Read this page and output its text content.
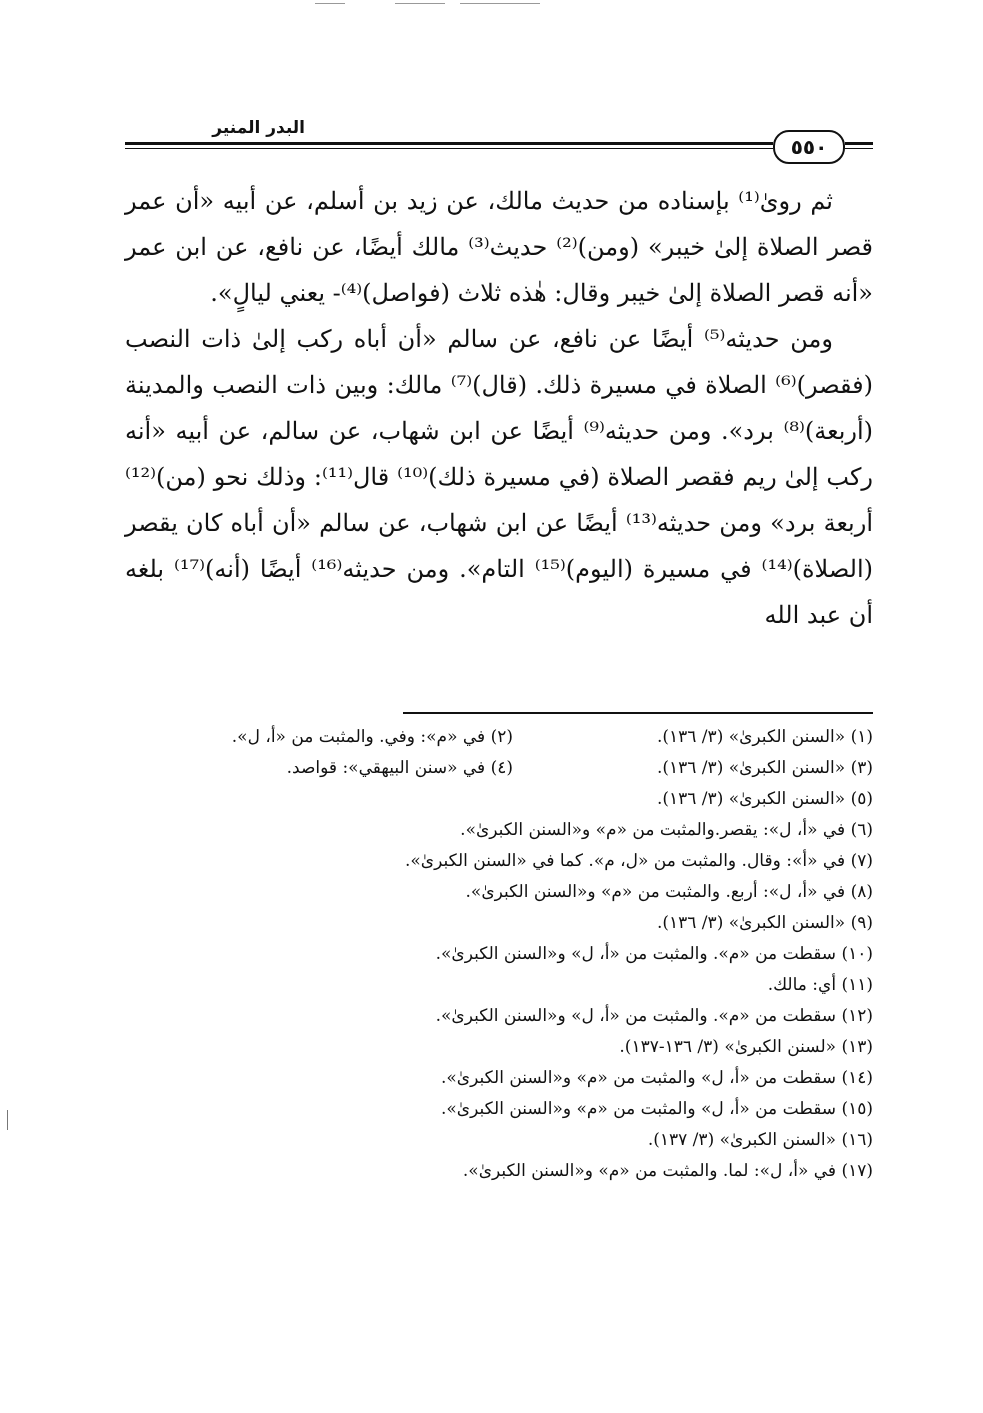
البدر المنير
٥٥٠

ثم روىٰ⁽¹⁾ بإسناده من حديث مالك، عن زيد بن أسلم، عن أبيه «أن عمر قصر الصلاة إلىٰ خيبر» (ومن)⁽²⁾ حديث⁽³⁾ مالك أيضًا، عن نافع، عن ابن عمر «أنه قصر الصلاة إلىٰ خيبر وقال: هٰذه ثلاث (فواصل)⁽⁴⁾- يعني ليالٍ».

ومن حديثه⁽⁵⁾ أيضًا عن نافع، عن سالم «أن أباه ركب إلىٰ ذات النصب (فقصر)⁽⁶⁾ الصلاة في مسيرة ذلك. (قال)⁽⁷⁾ مالك: وبين ذات النصب والمدينة (أربعة)⁽⁸⁾ برد». ومن حديثه⁽⁹⁾ أيضًا عن ابن شهاب، عن سالم، عن أبيه «أنه ركب إلىٰ ريم فقصر الصلاة (في مسيرة ذلك)⁽¹⁰⁾ قال⁽¹¹⁾: وذلك نحو (من)⁽¹²⁾ أربعة برد» ومن حديثه⁽¹³⁾ أيضًا عن ابن شهاب، عن سالم «أن أباه كان يقصر (الصلاة)⁽¹⁴⁾ في مسيرة (اليوم)⁽¹⁵⁾ التام». ومن حديثه⁽¹⁶⁾ أيضًا (أنه)⁽¹⁷⁾ بلغه أن عبد الله

(١) «السنن الكبرىٰ» (٣/ ١٣٦).
(٢) في «م»: وفي. والمثبت من «أ، ل».
(٣) «السنن الكبرىٰ» (٣/ ١٣٦).
(٤) في «سنن البيهقي»: قواصد.
(٥) «السنن الكبرىٰ» (٣/ ١٣٦).
(٦) في «أ، ل»: يقصر.والمثبت من «م» و«السنن الكبرىٰ».
(٧) في «أ»: وقال. والمثبت من «ل، م». كما في «السنن الكبرىٰ».
(٨) في «أ، ل»: أربع. والمثبت من «م» و«السنن الكبرىٰ».
(٩) «السنن الكبرىٰ» (٣/ ١٣٦).
(١٠) سقطت من «م». والمثبت من «أ، ل» و«السنن الكبرىٰ».
(١١) أي: مالك.
(١٢) سقطت من «م». والمثبت من «أ، ل» و«السنن الكبرىٰ».
(١٣) «لسنن الكبرىٰ» (٣/ ١٣٦-١٣٧).
(١٤) سقطت من «أ، ل» والمثبت من «م» و«السنن الكبرىٰ».
(١٥) سقطت من «أ، ل» والمثبت من «م» و«السنن الكبرىٰ».
(١٦) «السنن الكبرىٰ» (٣/ ١٣٧).
(١٧) في «أ، ل»: لما. والمثبت من «م» و«السنن الكبرىٰ».
